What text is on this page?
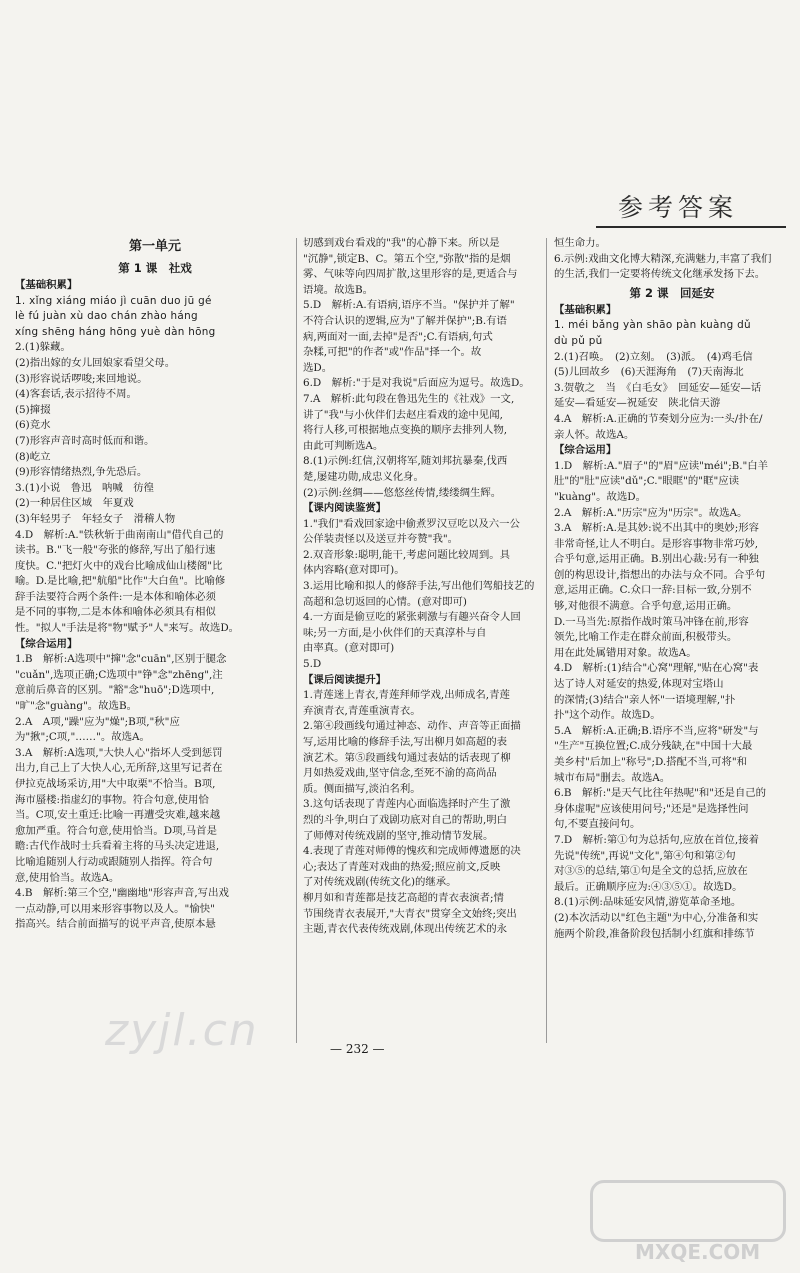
参考答案
第一单元
第 1 课　社戏
【基础积累】
1. xǐng xiáng miáo jì cuān duo jū gé
lè fú juàn xù dao chán zhào háng
xíng shēng háng hōng yuè dàn hōng
2.(1)躲藏。
(2)指出嫁的女儿回娘家看望父母。
(3)形容说话啰唆;来回地说。
(4)客套话,表示招待不周。
(5)撺掇
(6)竞水
(7)形容声音时高时低而和谐。
(8)屹立
(9)形容情绪热烈,争先恐后。
3.(1)小说　鲁迅　呐喊　彷徨
(2)一种居住区域　年夏戏
(3)年轻男子　年轻女子　滑稽人物
4.D　解析:A."铁秋斩于曲南南山"借代自己的
读书。B."飞一般"夸张的修辞,写出了船行速
度快。C."把灯火中的戏台比喻成仙山楼阁"比
喻。D.是比喻,把"航船"比作"大白鱼"。比喻修
辞手法要符合两个条件:一是本体和喻体必须
是不同的事物,二是本体和喻体必须具有相似
性。"拟人"手法是将"物"赋予"人"来写。故选D。
【综合运用】
1.B　解析:A选项中"撺"念"cuān",区别于腿念
"cuǎn",选项正确;C选项中"铮"念"zhēng",注
意前后鼻音的区别。"豁"念"huō";D选项中,
"旷"念"guàng"。故选B。
2.A　A项,"躁"应为"燥";B项,"秋"应
为"揪";C项,"……"。故选A。
3.A　解析:A选项,"大快人心"指坏人受到惩罚
出力,自己上了大快人心,无所辞,这里写记者在
伊拉克战场采访,用"大中取栗"不恰当。B项,
海市蜃楼:指虚幻的事物。符合句意,使用恰
当。C项,安土重迁:比喻一再遭受灾难,越来越
愈加严重。符合句意,使用恰当。D项,马首是
瞻:古代作战时士兵看着主将的马头决定进退,
比喻追随别人行动或跟随别人指挥。符合句
意,使用恰当。故选A。
4.B　解析:第三个空,"幽幽地"形容声音,写出戏
一点动静,可以用来形容事物以及人。"愉快"
指高兴。结合前面描写的说平声音,使原本悬
切感到戏台看戏的"我"的心静下来。所以是
"沉静",锁定B、C。第五个空,"弥散"指的是烟
雾、气味等向四周扩散,这里形容的是,更适合与
语境。故选B。
5.D　解析:A.有语病,语序不当。"保护并了解"
不符合认识的逻辑,应为"了解并保护";B.有语
病,两面对一面,去掉"是否";C.有语病,句式
杂糅,可把"的作者"或"作品"择一个。故
选D。
6.D　解析:"于是对我说"后面应为逗号。故选D。
7.A　解析:此句段在鲁迅先生的《社戏》一文,
讲了"我"与小伙伴们去赵庄看戏的途中见闻,
将行人移,可根据地点变换的顺序去排列人物,
由此可判断选A。
8.(1)示例:红信,汉朝将军,随刘邦抗暴秦,伐西
楚,屡建功勋,成忠义化身。
(2)示例:丝绸——悠悠丝传情,缕缕绸生辉。
【课内阅读鉴赏】
1."我们"看戏回家途中偷煮罗汉豆吃以及六一公
公佯装责怪以及送豆并夸赞"我"。
2.双音形象:聪明,能干,考虑问题比较周到。具
体内容略(意对即可)。
3.运用比喻和拟人的修辞手法,写出他们驾船技艺的
高超和急切返回的心情。(意对即可)
4.一方面是偷豆吃的紧张刺激与有趣兴奋令人回
味;另一方面,是小伙伴们的天真淳朴与自
由率真。(意对即可)
5.D
【课后阅读提升】
1.青莲迷上青衣,青莲拜师学戏,出师成名,青莲
弃演青衣,青莲重演青衣。
2.第④段画线句通过神态、动作、声音等正面描
写,运用比喻的修辞手法,写出柳月如高超的表
演艺术。第⑤段画线句通过表姑的话表现了柳
月如热爱戏曲,坚守信念,至死不渝的高尚品
质。侧面描写,淡泊名利。
3.这句话表现了青莲内心面临选择时产生了激
烈的斗争,明白了戏剧功底对自己的帮助,明白
了师傅对传统戏剧的坚守,推动情节发展。
4.表现了青莲对师傅的愧疚和完成师傅遗愿的决
心;表达了青莲对戏曲的热爱;照应前文,反映
了对传统戏剧(传统文化)的继承。
柳月如和青莲都是技艺高超的青衣表演者;情
节围绕青衣表展开,"大青衣"贯穿全文始终;突出
主题,青衣代表传统戏剧,体现出传统艺术的永
恒生命力。
6.示例:戏曲文化博大精深,充满魅力,丰富了我们
的生活,我们一定要将传统文化继承发扬下去。
第 2 课　回延安
【基础积累】
1. méi bǎng yàn shāo pàn kuàng dǔ
dù pǔ pǔ
2.(1)召唤。　(2)立刻。　(3)派。　(4)鸡毛信
(5)儿回故乡　(6)天涯海角　(7)天南海北
3.贺敬之　当　《白毛女》　回延安—延安—话
延安—看延安—祝延安　陕北信天游
4.A　解析:A.正确的节奏划分应为:一头/扑在/
亲人怀。故选A。
【综合运用】
1.D　解析:A."眉子"的"眉"应读"méi";B."白羊
肚"的"肚"应读"dǔ";C."眼眶"的"眶"应读
"kuàng"。故选D。
2.A　解析:A."历宗"应为"历宗"。故选A。
3.A　解析:A.是其妙:说不出其中的奥妙;形容
非常奇怪,让人不明白。是形容事物非常巧妙,
合乎句意,运用正确。B.别出心裁:另有一种独
创的构思设计,指想出的办法与众不同。合乎句
意,运用正确。C.众口一辞:目标一致,分别不
够,对他很不满意。合乎句意,运用正确。
D.一马当先:原指作战时策马冲锋在前,形容
领先,比喻工作走在群众前面,积极带头。
用在此处属错用对象。故选A。
4.D　解析:(1)结合"心窝"理解,"贴在心窝"表
达了诗人对延安的热爱,体现对宝塔山
的深情;(3)结合"亲人怀"一语境理解,"扑
扑"这个动作。故选D。
5.A　解析:A.正确;B.语序不当,应将"研发"与
"生产"互换位置;C.成分残缺,在"中国十大最
美乡村"后加上"称号";D.搭配不当,可将"和
城市布局"删去。故选A。
6.B　解析:"是天气比往年热呢"和"还是自己的
身体虚呢"应该使用问号;"还是"是选择性问
句,不要直接问句。
7.D　解析:第①句为总括句,应放在首位,接着
先说"传统",再说"文化",第④句和第②句
对③⑤的总结,第①句是全文的总括,应放在
最后。正确顺序应为:④③⑤①。故选D。
8.(1)示例:品味延安风情,游览革命圣地。
(2)本次活动以"红色主题"为中心,分准备和实
施两个阶段,准备阶段包括制小红旗和排练节
— 232 —
zyjl.cn
MXQE.COM
